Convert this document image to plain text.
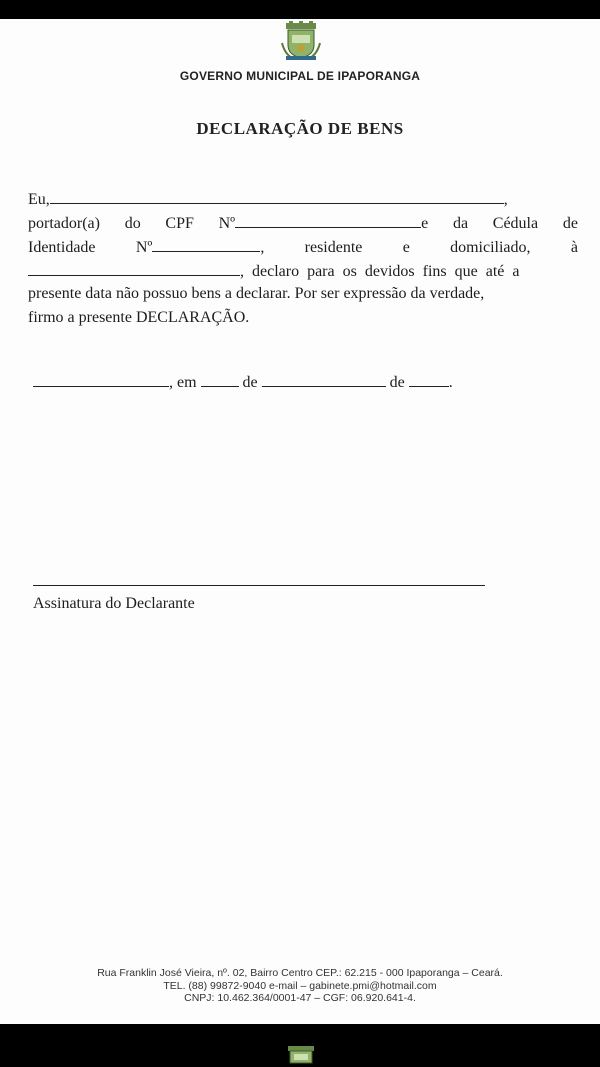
GOVERNO MUNICIPAL DE IPAPORANGA
DECLARAÇÃO DE BENS
Eu,	,
portador(a) do CPF Nº	e da Cédula de
Identidade	Nº	,	residente	e	domiciliado,	à
, declaro para os devidos fins que até a
presente data não possuo bens a declarar. Por ser expressão da verdade,
firmo a presente DECLARAÇÃO.
, em	de	de	.
Assinatura do Declarante
Rua Franklin José Vieira, nº. 02, Bairro Centro CEP.: 62.215 - 000 Ipaporanga – Ceará.
TEL. (88) 99872-9040 e-mail – gabinete.pmi@hotmail.com
CNPJ: 10.462.364/0001-47 – CGF: 06.920.641-4.
